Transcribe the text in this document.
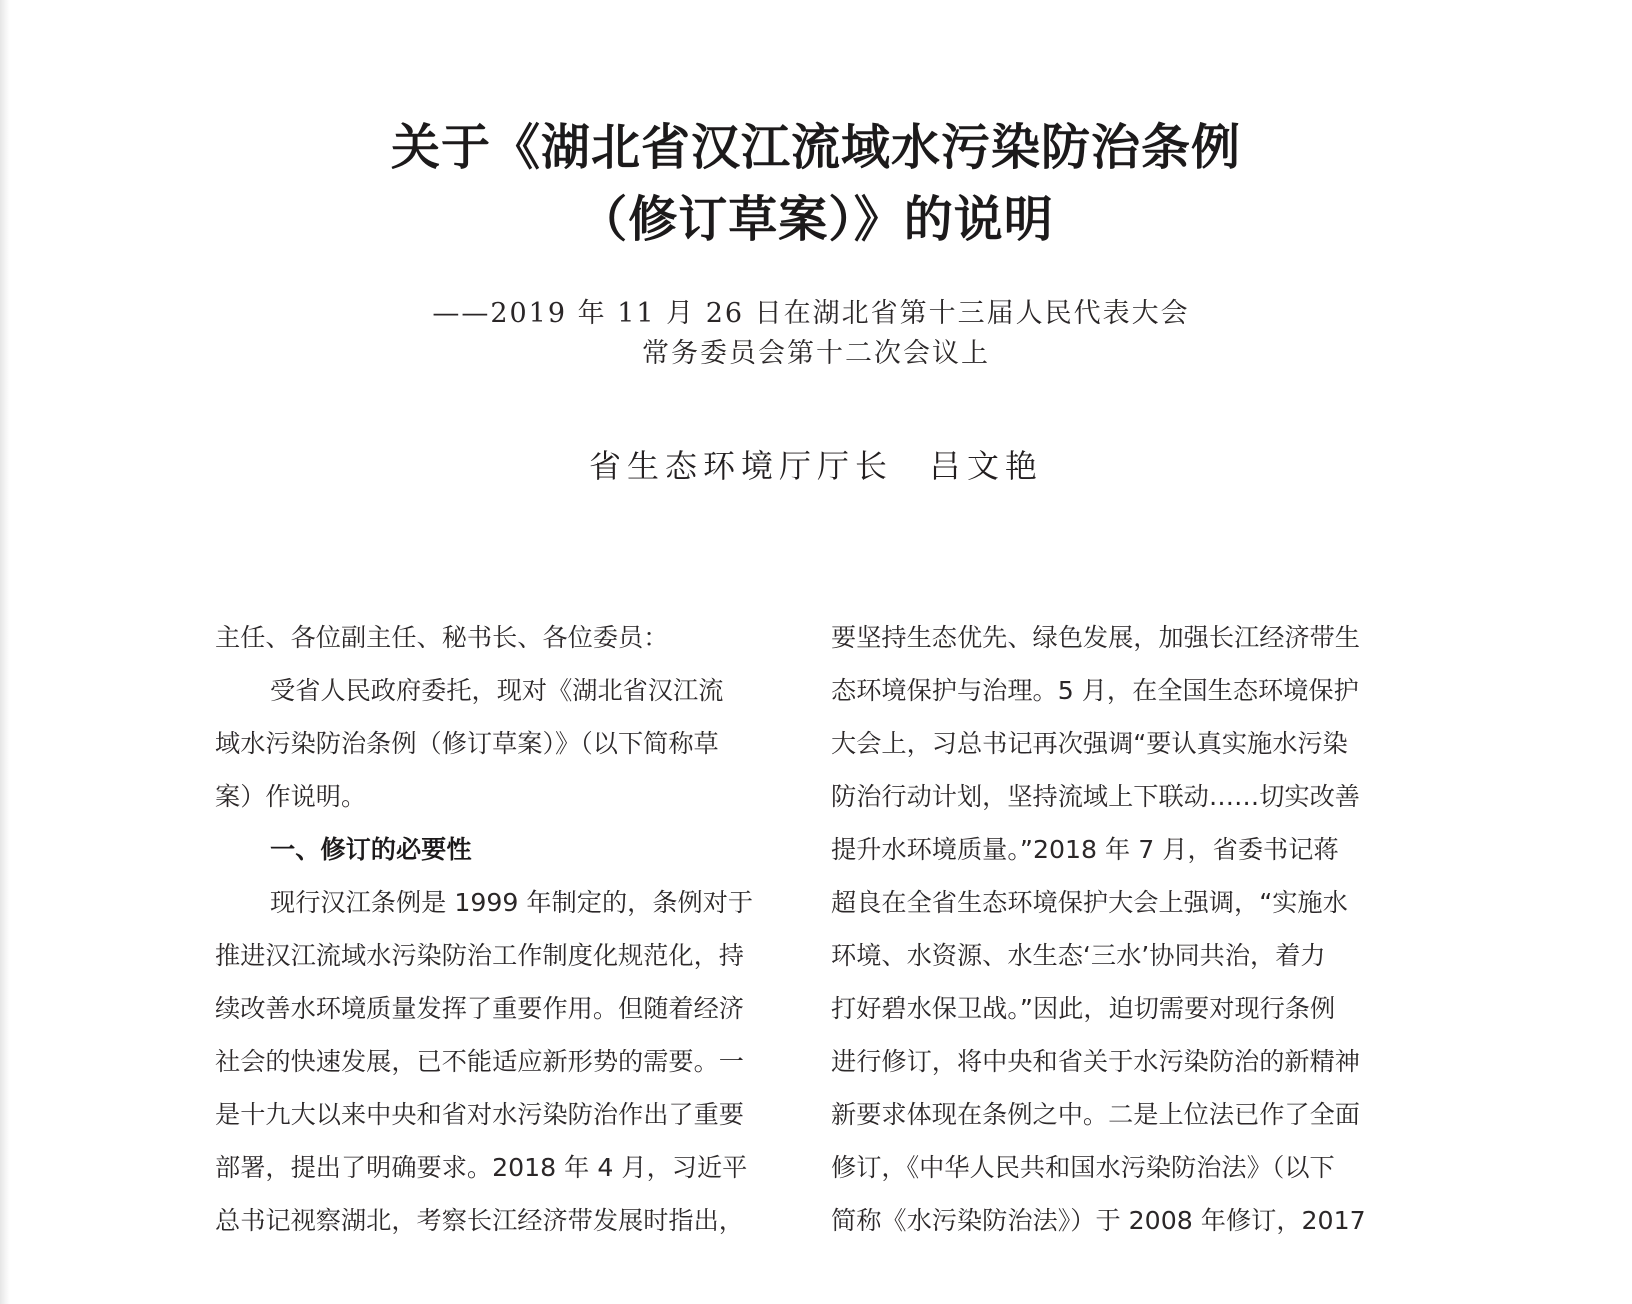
关于《湖北省汉江流域水污染防治条例
（修订草案）》的说明
——2019 年 11 月 26 日在湖北省第十三届人民代表大会
常务委员会第十二次会议上
省生态环境厅厅长 吕文艳
主任、各位副主任、秘书长、各位委员：
受省人民政府委托，现对《湖北省汉江流
域水污染防治条例（修订草案）》（以下简称草
案）作说明。
一、修订的必要性
现行汉江条例是 1999 年制定的，条例对于
推进汉江流域水污染防治工作制度化规范化，持
续改善水环境质量发挥了重要作用。但随着经济
社会的快速发展，已不能适应新形势的需要。一
是十九大以来中央和省对水污染防治作出了重要
部署，提出了明确要求。2018 年 4 月，习近平
总书记视察湖北，考察长江经济带发展时指出，
要坚持生态优先、绿色发展，加强长江经济带生
态环境保护与治理。5 月，在全国生态环境保护
大会上，习总书记再次强调“要认真实施水污染
防治行动计划，坚持流域上下联动……切实改善
提升水环境质量。”2018 年 7 月，省委书记蒋
超良在全省生态环境保护大会上强调，“实施水
环境、水资源、水生态‘三水’协同共治，着力
打好碧水保卫战。”因此，迫切需要对现行条例
进行修订，将中央和省关于水污染防治的新精神
新要求体现在条例之中。二是上位法已作了全面
修订，《中华人民共和国水污染防治法》（以下
简称《水污染防治法》）于 2008 年修订，2017
